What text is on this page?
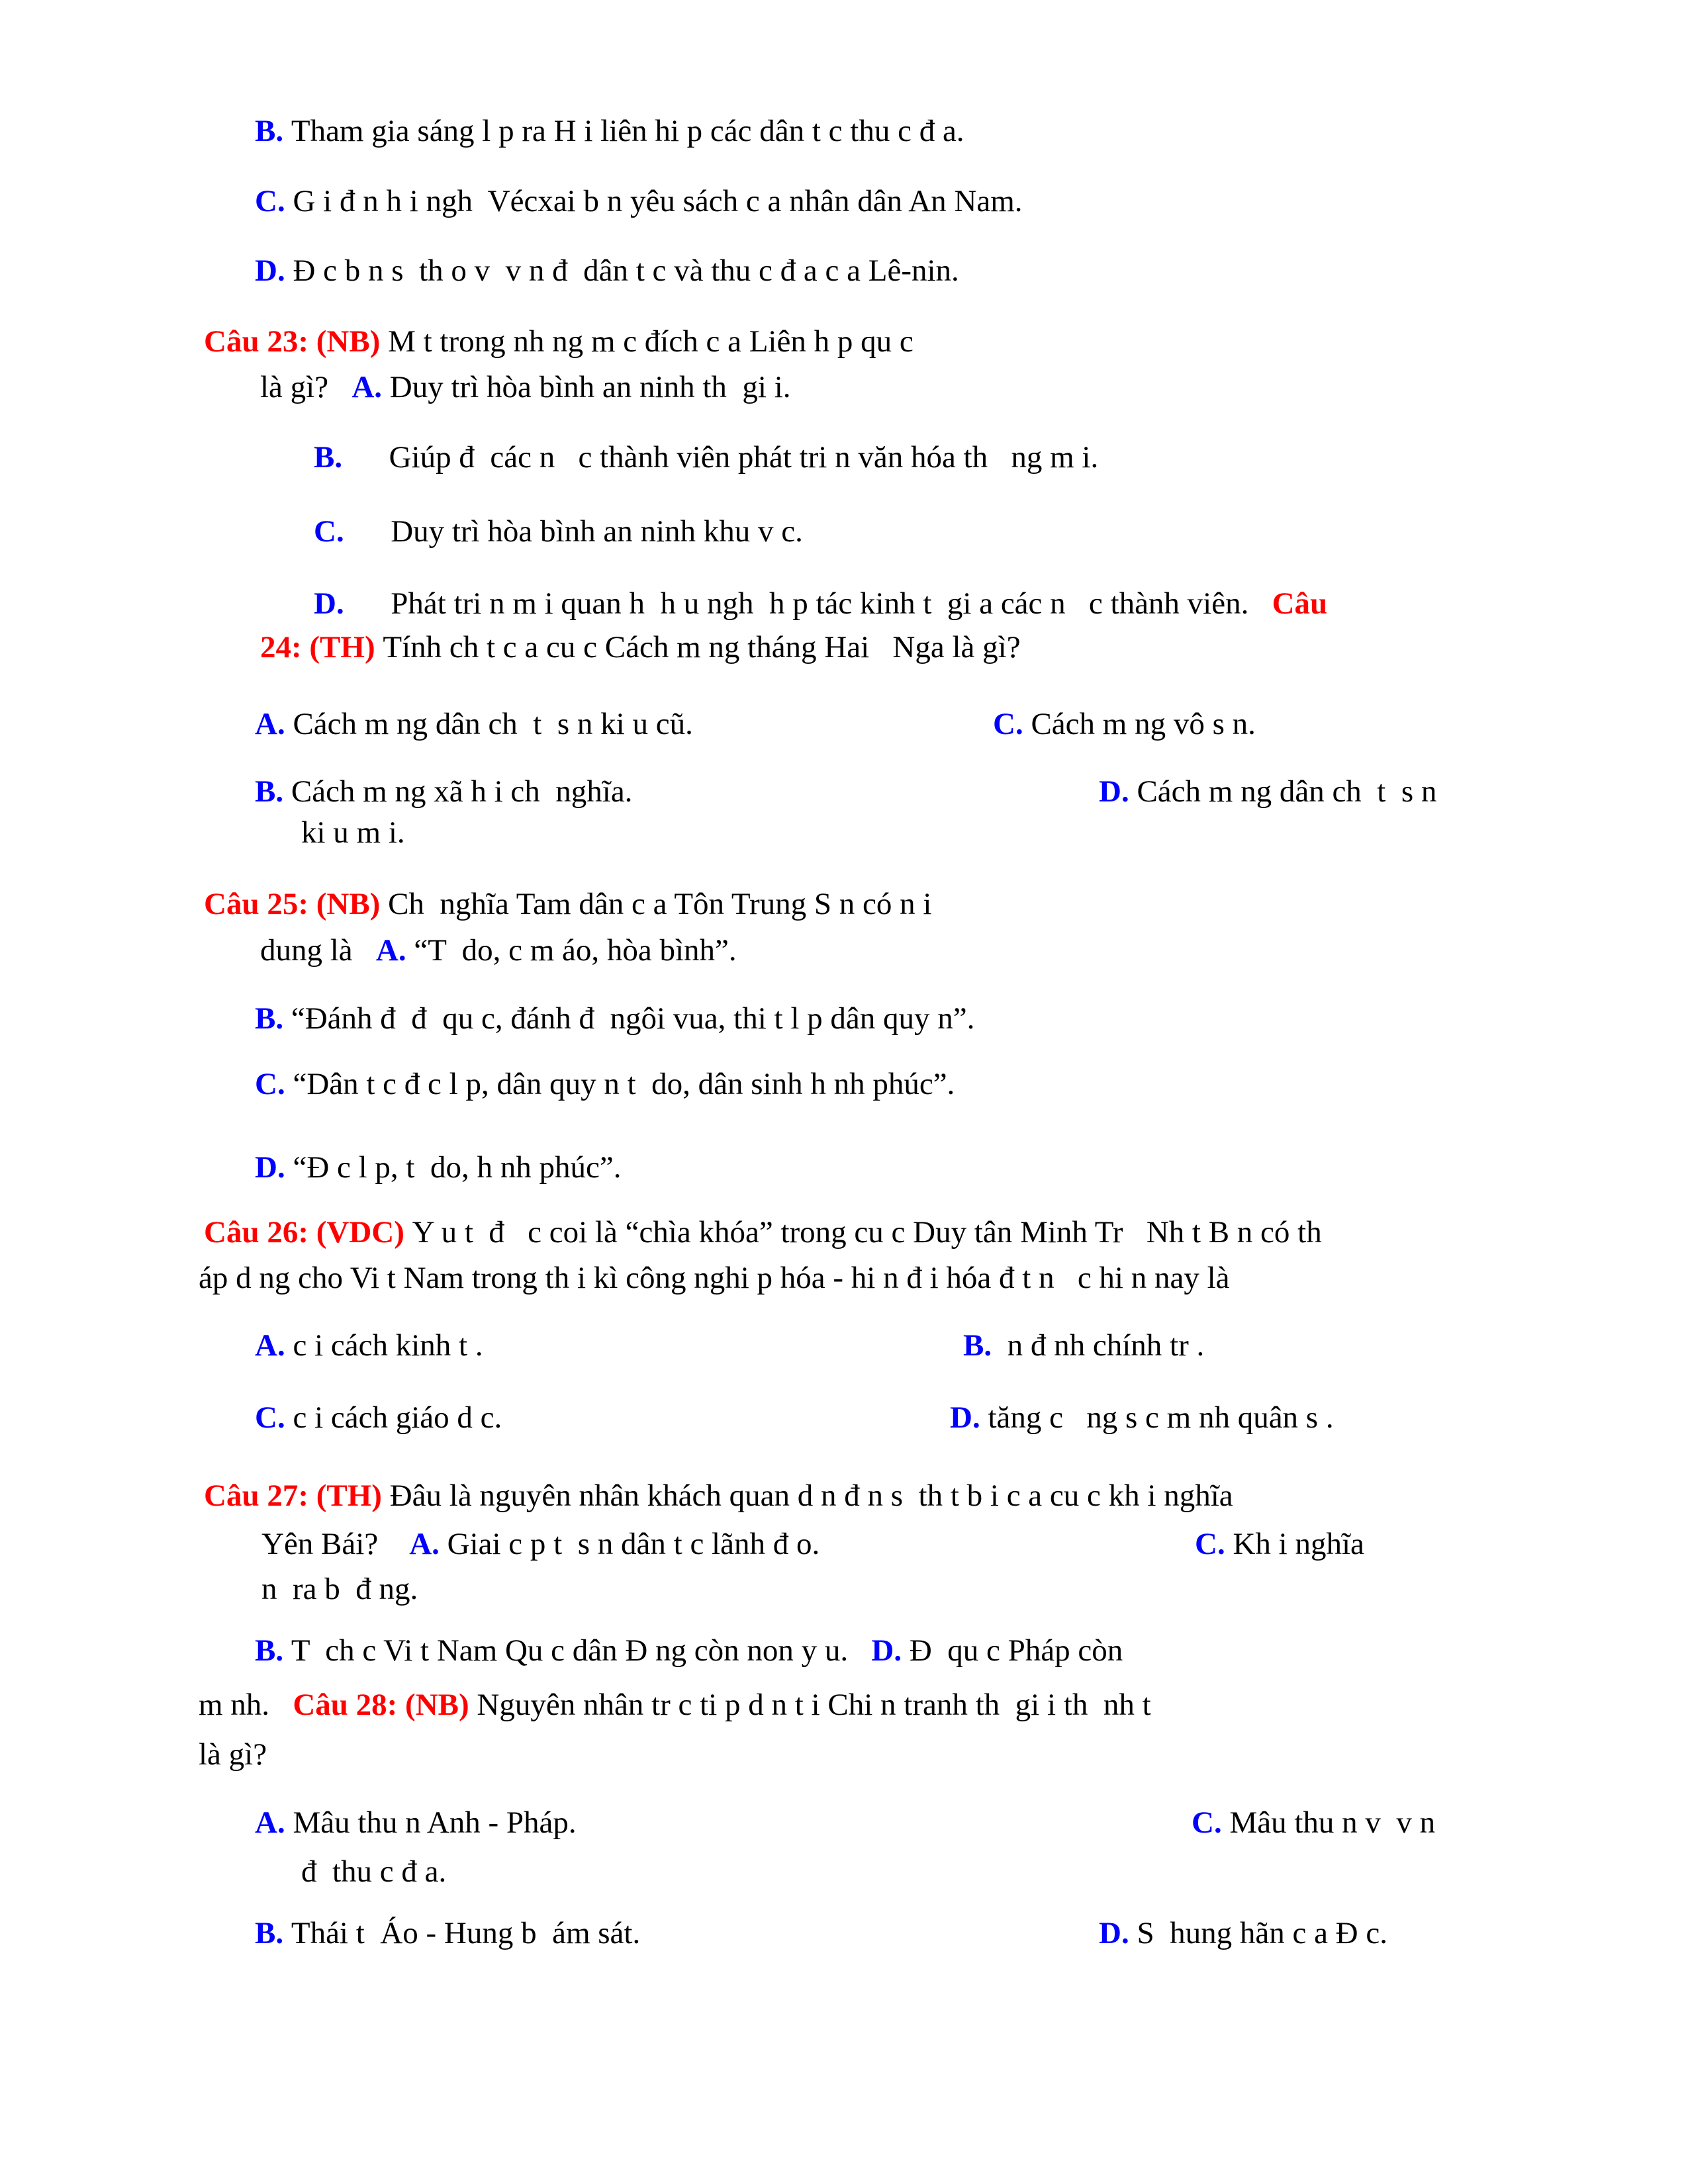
B. Tham gia sáng l p ra H i liên hi p các dân t c thu c đ a.
C. G i đ n h i ngh  Vécxai b n yêu sách c a nhân dân An Nam.
D. Đ c b n s  th o v  v n đ  dân t c và thu c đ a c a Lê-nin.
Câu 23: (NB) M t trong nh ng m c đích c a Liên h p qu c
là gì?   A. Duy trì hòa bình an ninh th  gi i.
B.      Giúp đ  các n   c thành viên phát tri n văn hóa th   ng m i.
C.      Duy trì hòa bình an ninh khu v c.
D.      Phát tri n m i quan h  h u ngh  h p tác kinh t  gi a các n   c thành viên.   Câu
24: (TH) Tính ch t c a cu c Cách m ng tháng Hai   Nga là gì?
A. Cách m ng dân ch  t  s n ki u cũ.	C. Cách m ng vô s n.
B. Cách m ng xã h i ch  nghĩa.	D. Cách m ng dân ch  t  s n
ki u m i.
Câu 25: (NB) Ch  nghĩa Tam dân c a Tôn Trung S n có n i
dung là   A. “T  do, c m áo, hòa bình”.
B. “Đánh đ  đ  qu c, đánh đ  ngôi vua, thi t l p dân quy n”.
C. “Dân t c đ c l p, dân quy n t  do, dân sinh h nh phúc”.
D. “Đ c l p, t  do, h nh phúc”.
Câu 26: (VDC) Y u t  đ   c coi là “chìa khóa” trong cu c Duy tân Minh Tr   Nh t B n có th
áp d ng cho Vi t Nam trong th i kì công nghi p hóa - hi n đ i hóa đ t n   c hi n nay là
A. c i cách kinh t .	B.  n đ nh chính tr .
C. c i cách giáo d c.	D. tăng c   ng s c m nh quân s .
Câu 27: (TH) Đâu là nguyên nhân khách quan d n đ n s  th t b i c a cu c kh i nghĩa
Yên Bái?    A. Giai c p t  s n dân t c lãnh đ o.	C. Kh i nghĩa
n  ra b  đ ng.
B. T  ch c Vi t Nam Qu c dân Đ ng còn non y u.   D. Đ  qu c Pháp còn
m nh.   Câu 28: (NB) Nguyên nhân tr c ti p d n t i Chi n tranh th  gi i th  nh t
là gì?
A. Mâu thu n Anh - Pháp.	C. Mâu thu n v  v n
đ  thu c đ a.
B. Thái t  Áo - Hung b  ám sát.	D. S  hung hãn c a Đ c.
